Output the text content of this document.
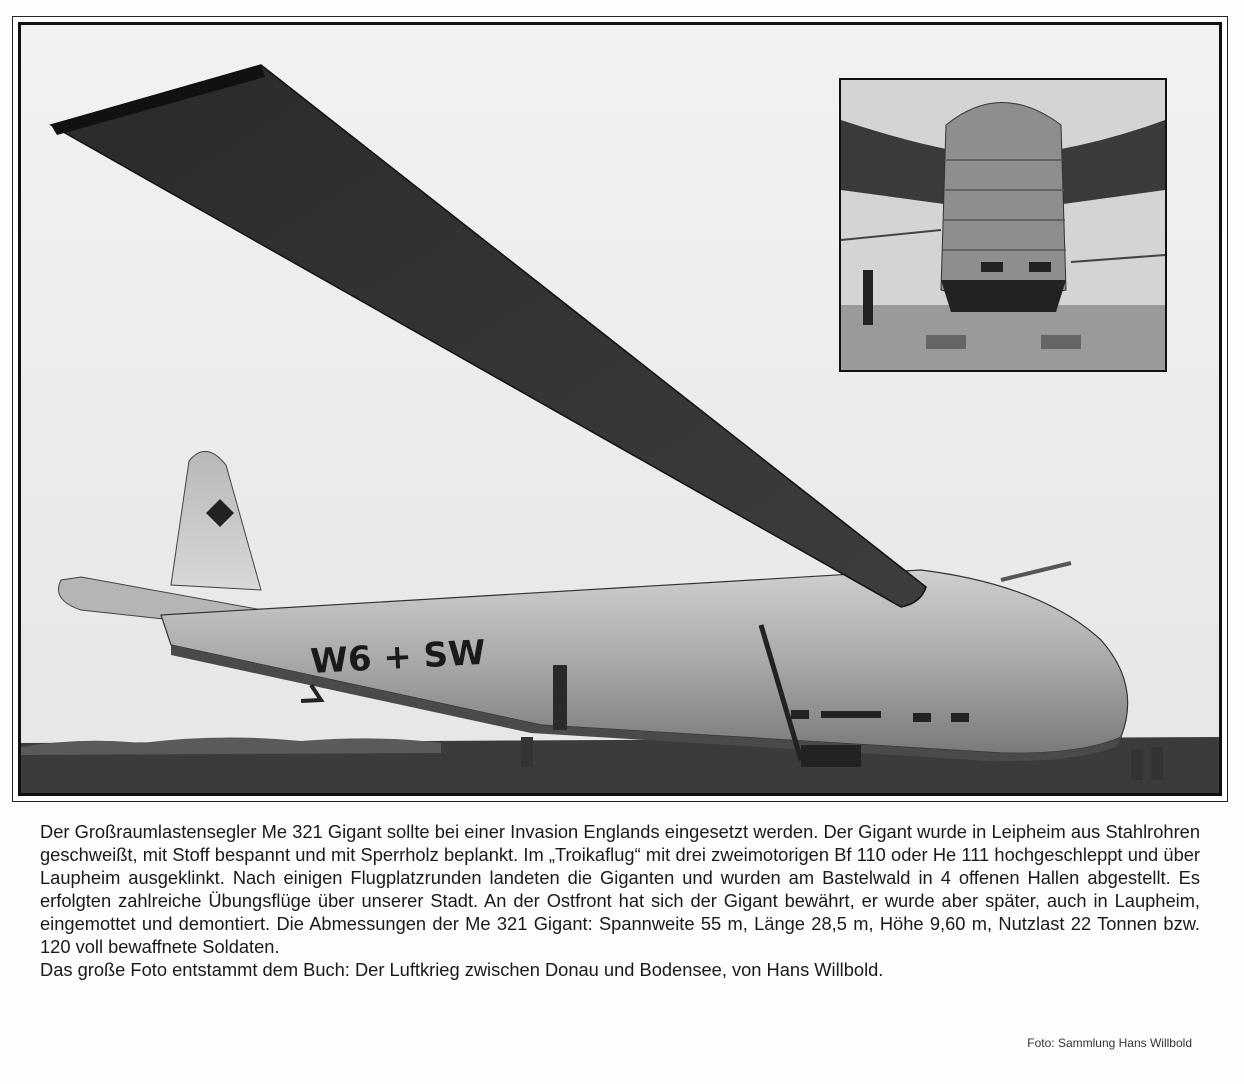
W6 + SW

Der Großraumlastensegler Me 321 Gigant sollte bei einer Invasion Englands eingesetzt werden. Der Gigant wurde in Leipheim aus Stahlrohren geschweißt, mit Stoff bespannt und mit Sperrholz beplankt. Im „Troikaflug“ mit drei zweimotorigen Bf 110 oder He 111 hochgeschleppt und über Laupheim ausgeklinkt. Nach einigen Flugplatzrunden landeten die Giganten und wurden am Bastelwald in 4 offenen Hallen abgestellt. Es erfolgten zahlreiche Übungsflüge über unserer Stadt. An der Ostfront hat sich der Gigant bewährt, er wurde aber später, auch in Laupheim, eingemottet und demontiert. Die Abmessungen der Me 321 Gigant: Spannweite 55 m, Länge 28,5 m, Höhe 9,60 m, Nutzlast 22 Tonnen bzw. 120 voll bewaffnete Soldaten.

Das große Foto entstammt dem Buch: Der Luftkrieg zwischen Donau und Bodensee, von Hans Willbold.

Foto: Sammlung Hans Willbold
